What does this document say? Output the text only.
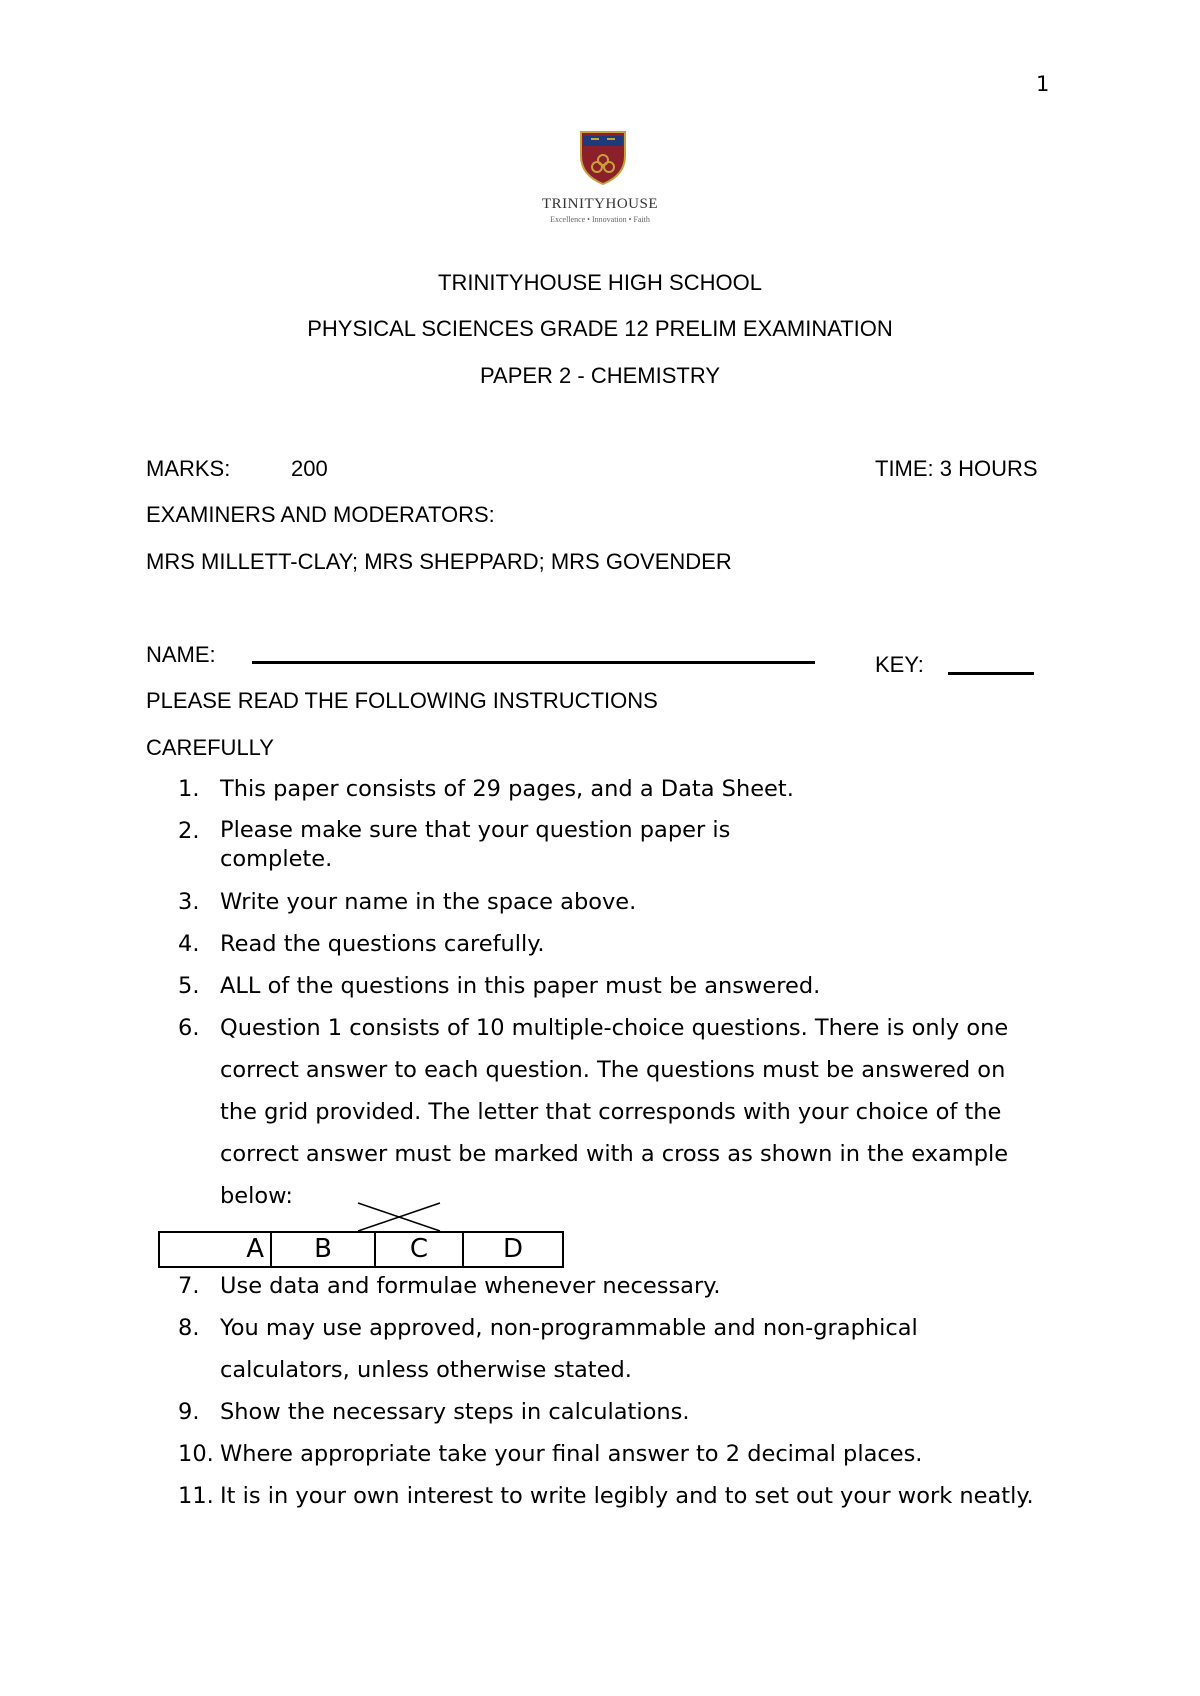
1
TRINITYHOUSE
Excellence • Innovation • Faith
TRINITYHOUSE HIGH SCHOOL
PHYSICAL SCIENCES GRADE 12 PRELIM EXAMINATION
PAPER 2 - CHEMISTRY
MARKS:	200	TIME: 3 HOURS
EXAMINERS AND MODERATORS:
MRS MILLETT-CLAY; MRS SHEPPARD; MRS GOVENDER
NAME:	KEY:
PLEASE READ THE FOLLOWING INSTRUCTIONS
CAREFULLY
1. This paper consists of 29 pages, and a Data Sheet.
2. Please make sure that your question paper is complete.
3. Write your name in the space above.
4. Read the questions carefully.
5. ALL of the questions in this paper must be answered.
6. Question 1 consists of 10 multiple-choice questions. There is only one correct answer to each question. The questions must be answered on the grid provided. The letter that corresponds with your choice of the correct answer must be marked with a cross as shown in the example below:
A	B	C	D
7. Use data and formulae whenever necessary.
8. You may use approved, non-programmable and non-graphical calculators, unless otherwise stated.
9. Show the necessary steps in calculations.
10. Where appropriate take your final answer to 2 decimal places.
11. It is in your own interest to write legibly and to set out your work neatly.
